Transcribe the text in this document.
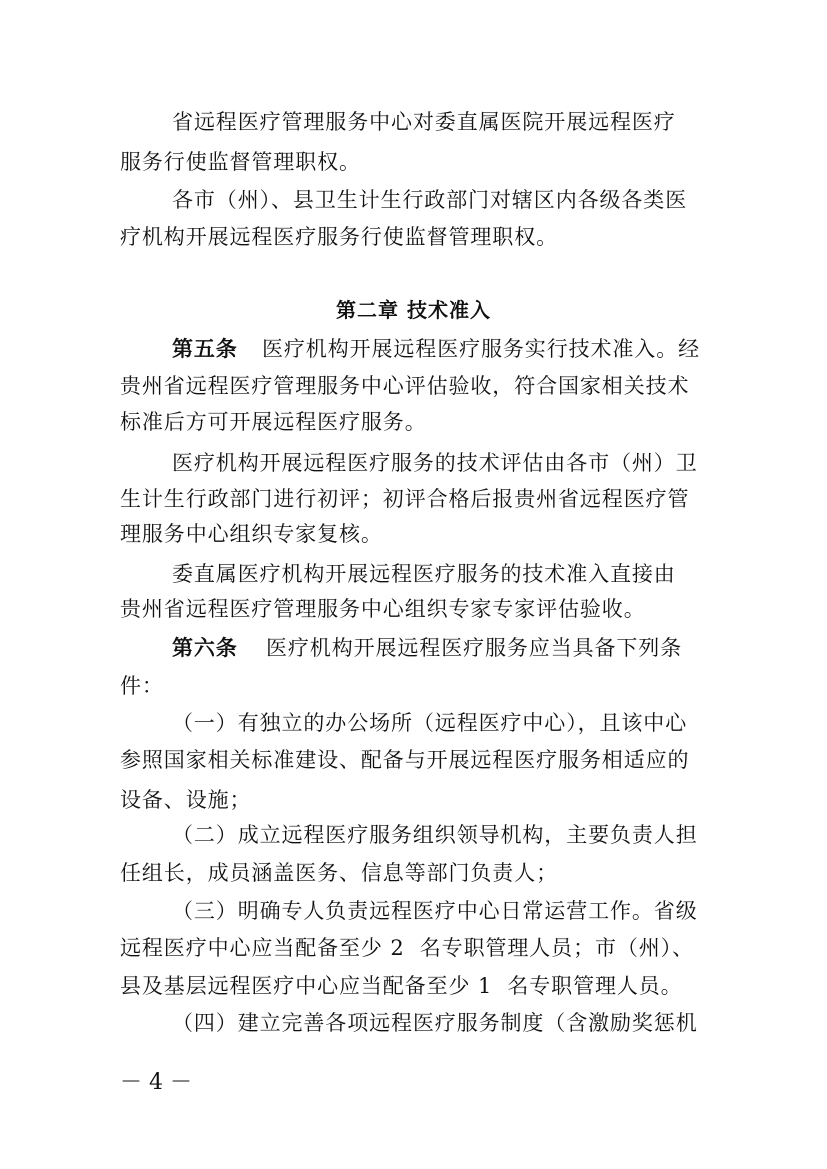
省远程医疗管理服务中心对委直属医院开展远程医疗
服务行使监督管理职权。
各市（州）、县卫生计生行政部门对辖区内各级各类医
疗机构开展远程医疗服务行使监督管理职权。
第二章 技术准入
第五条 医疗机构开展远程医疗服务实行技术准入。经
贵州省远程医疗管理服务中心评估验收，符合国家相关技术
标准后方可开展远程医疗服务。
医疗机构开展远程医疗服务的技术评估由各市（州）卫
生计生行政部门进行初评；初评合格后报贵州省远程医疗管
理服务中心组织专家复核。
委直属医疗机构开展远程医疗服务的技术准入直接由
贵州省远程医疗管理服务中心组织专家专家评估验收。
第六条 医疗机构开展远程医疗服务应当具备下列条
件：
（一）有独立的办公场所（远程医疗中心），且该中心
参照国家相关标准建设、配备与开展远程医疗服务相适应的
设备、设施；
（二）成立远程医疗服务组织领导机构，主要负责人担
任组长，成员涵盖医务、信息等部门负责人；
（三）明确专人负责远程医疗中心日常运营工作。省级
远程医疗中心应当配备至少 2  名专职管理人员；市（州）、
县及基层远程医疗中心应当配备至少 1  名专职管理人员。
（四）建立完善各项远程医疗服务制度（含激励奖惩机
－ 4 －
